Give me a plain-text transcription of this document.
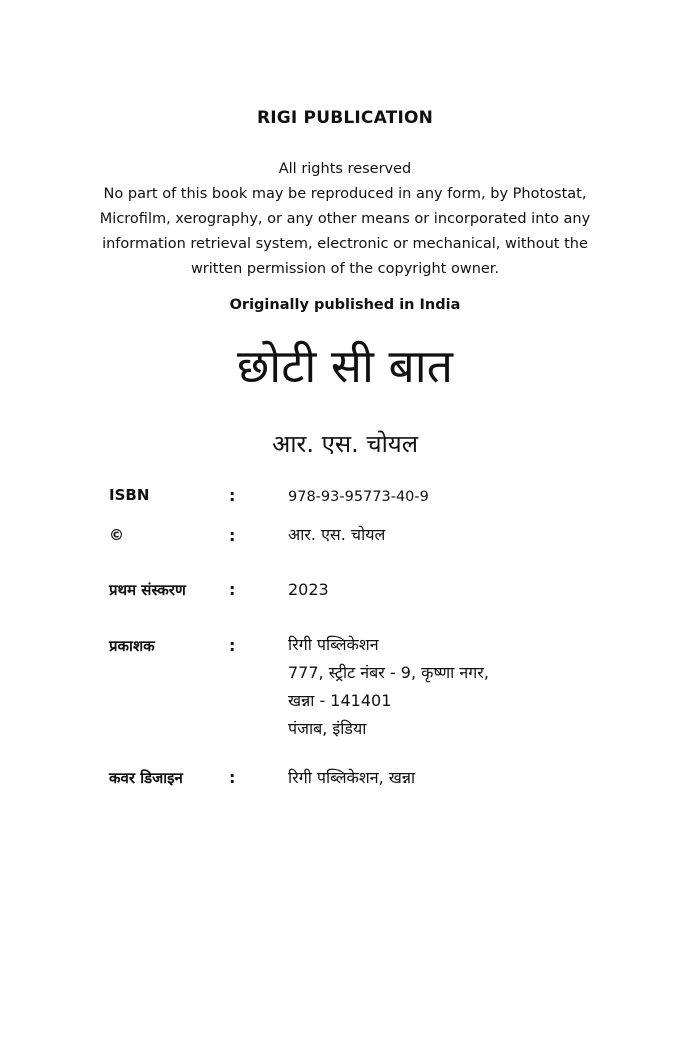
RIGI PUBLICATION
All rights reserved
No part of this book may be reproduced in any form, by Photostat,
Microfilm, xerography, or any other means or incorporated into any
information retrieval system, electronic or mechanical, without the
written permission of the copyright owner.
Originally published in India
छोटी सी बात
आर. एस. चोयल
ISBN	:	978-93-95773-40-9
©	:	आर. एस. चोयल
प्रथम संस्करण	:	2023
प्रकाशक	:	रिगी पब्लिकेशन
777, स्ट्रीट नंबर - 9, कृष्णा नगर,
खन्ना - 141401
पंजाब, इंडिया
कवर डिजाइन	:	रिगी पब्लिकेशन, खन्ना
